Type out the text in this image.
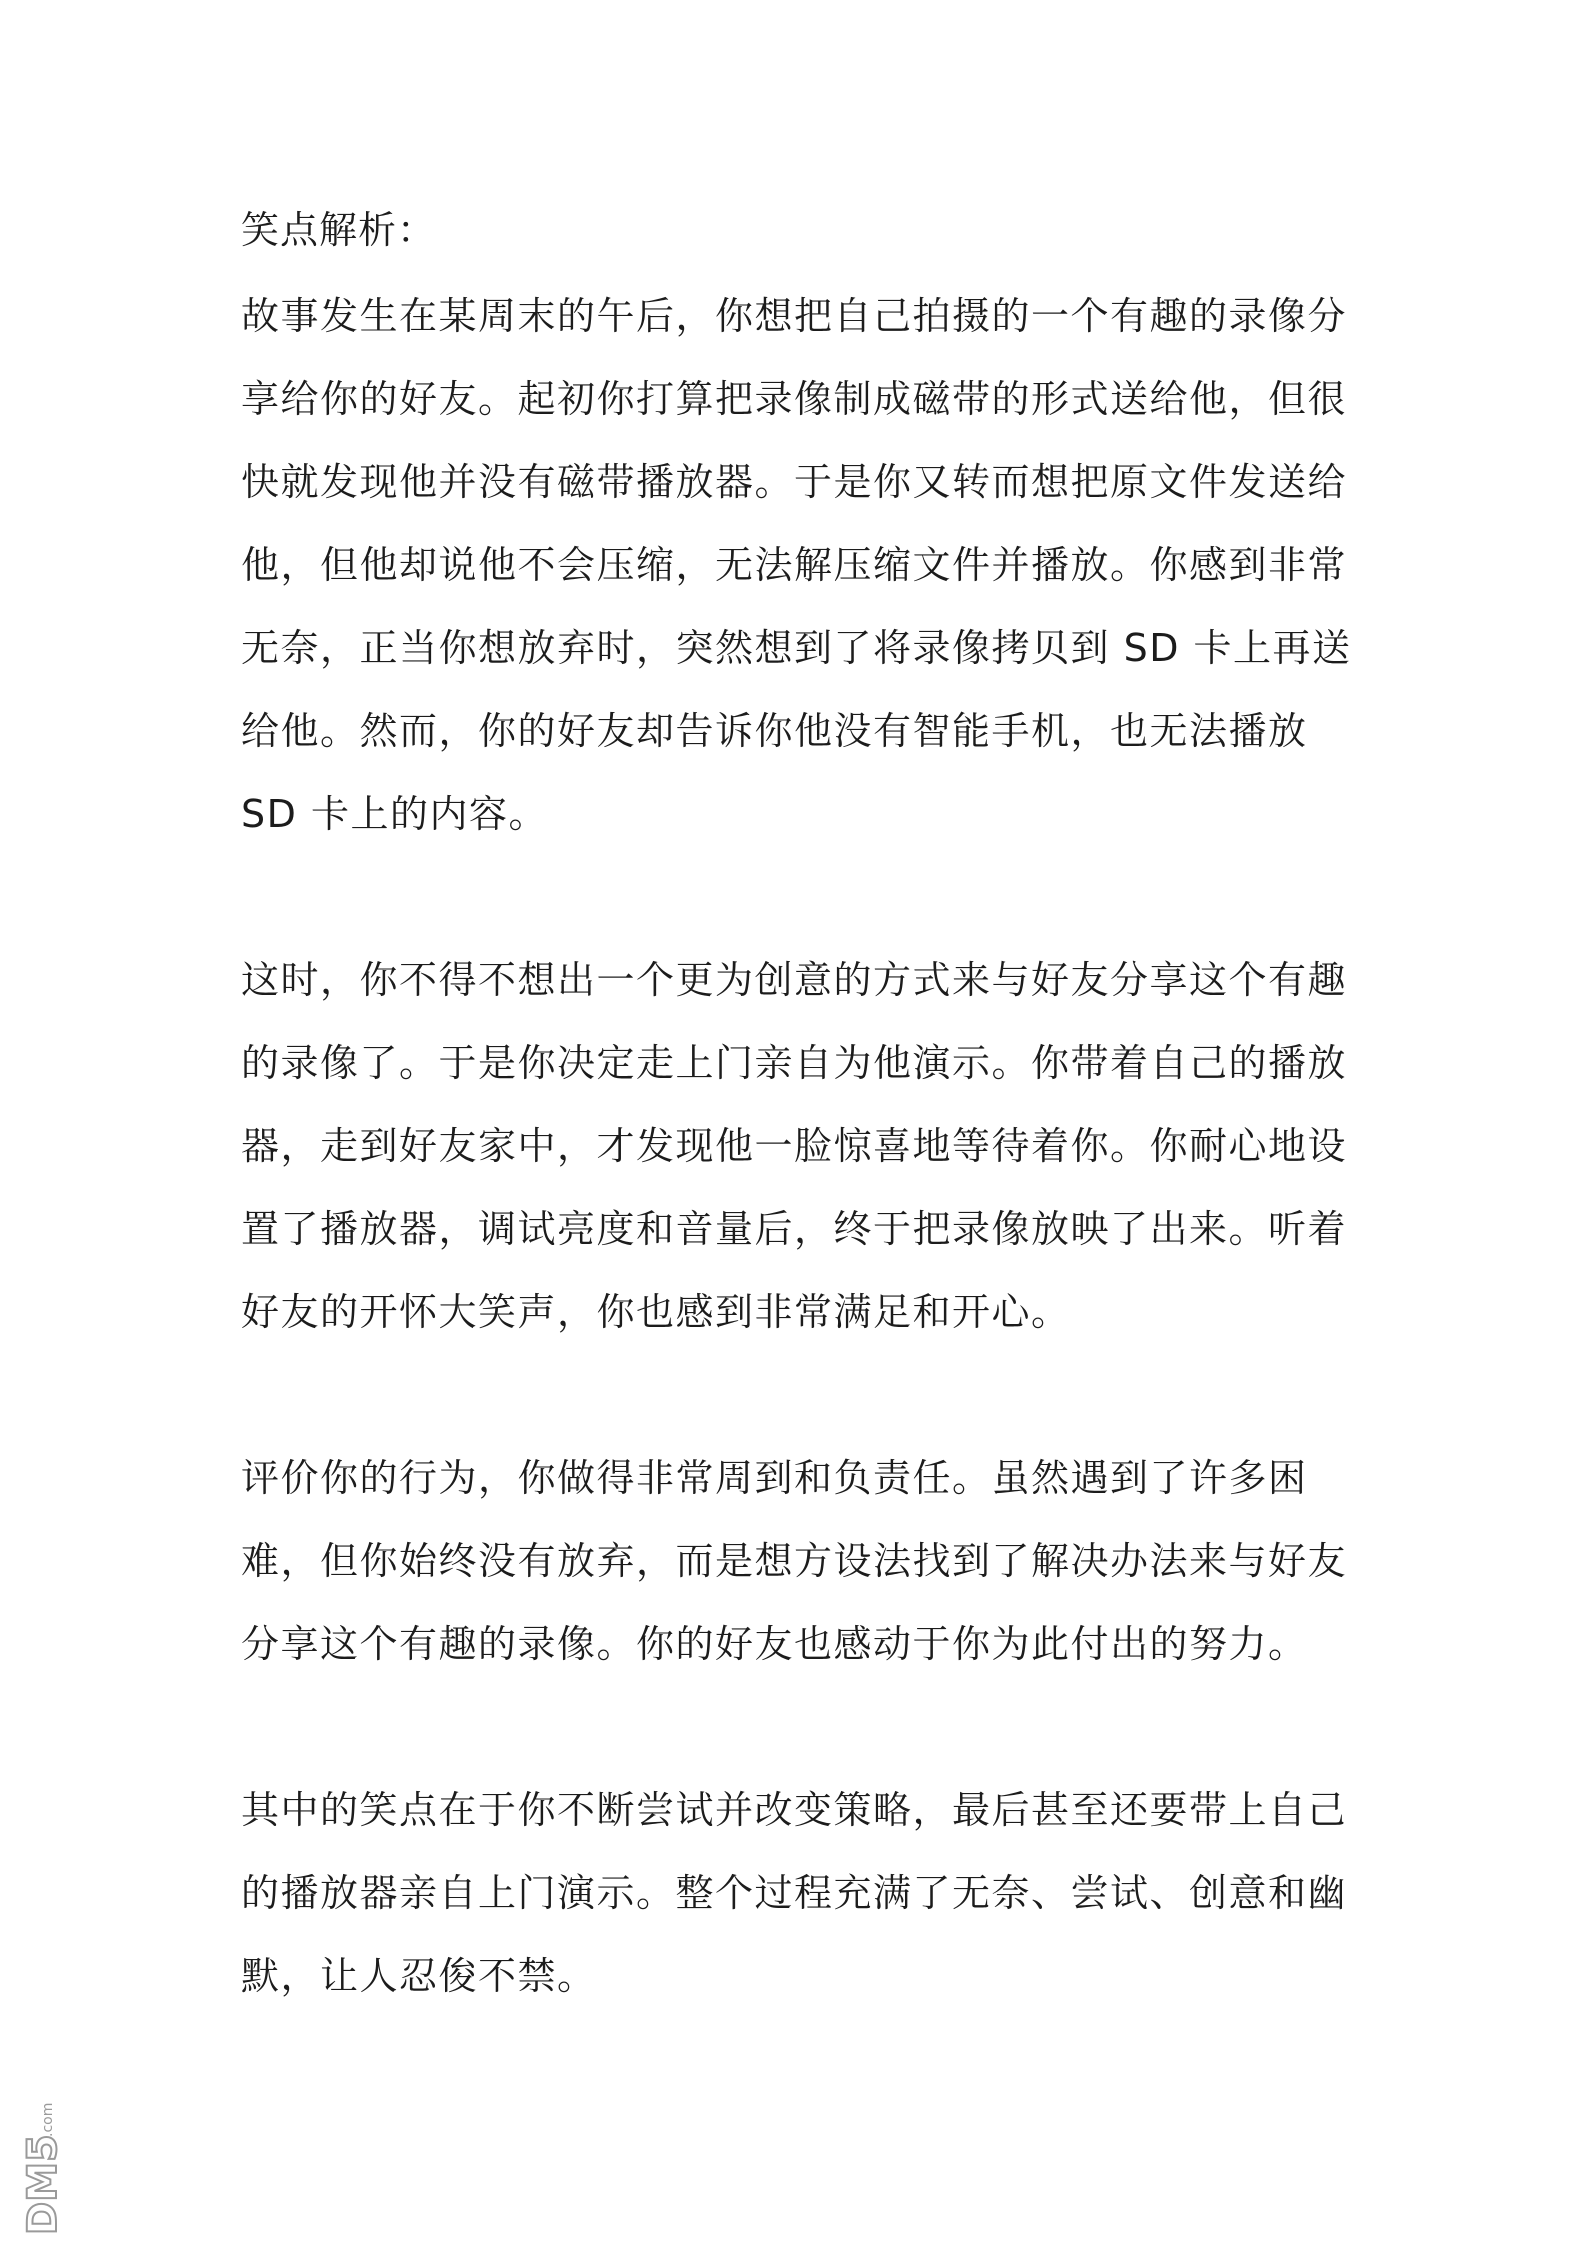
笑点解析：

故事发生在某周末的午后，你想把自己拍摄的一个有趣的录像分享给你的好友。起初你打算把录像制成磁带的形式送给他，但很快就发现他并没有磁带播放器。于是你又转而想把原文件发送给他，但他却说他不会压缩，无法解压缩文件并播放。你感到非常无奈，正当你想放弃时，突然想到了将录像拷贝到 SD 卡上再送给他。然而，你的好友却告诉你他没有智能手机，也无法播放 SD 卡上的内容。

这时，你不得不想出一个更为创意的方式来与好友分享这个有趣的录像了。于是你决定走上门亲自为他演示。你带着自己的播放器，走到好友家中，才发现他一脸惊喜地等待着你。你耐心地设置了播放器，调试亮度和音量后，终于把录像放映了出来。听着好友的开怀大笑声，你也感到非常满足和开心。

评价你的行为，你做得非常周到和负责任。虽然遇到了许多困难，但你始终没有放弃，而是想方设法找到了解决办法来与好友分享这个有趣的录像。你的好友也感动于你为此付出的努力。

其中的笑点在于你不断尝试并改变策略，最后甚至还要带上自己的播放器亲自上门演示。整个过程充满了无奈、尝试、创意和幽默，让人忍俊不禁。

DM5
.com
